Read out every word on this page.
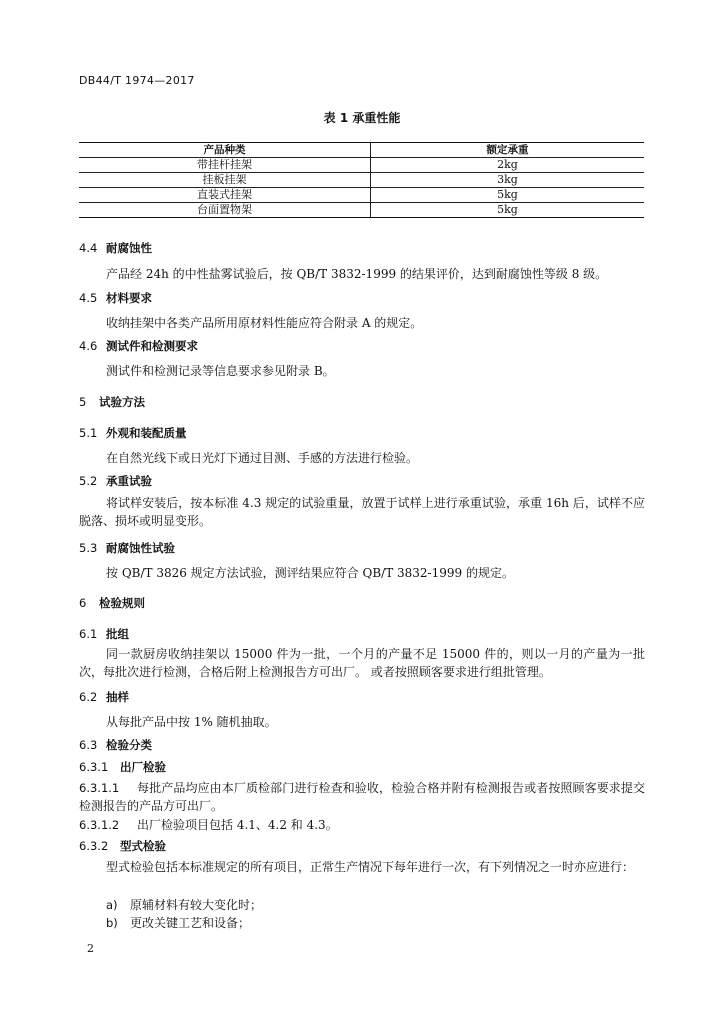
DB44/T 1974—2017
表 1 承重性能
产品种类	额定承重
带挂杆挂架	2kg
挂板挂架	3kg
直装式挂架	5kg
台面置物架	5kg
4.4 耐腐蚀性
产品经 24h 的中性盐雾试验后，按 QB/T 3832-1999 的结果评价，达到耐腐蚀性等级 8 级。
4.5 材料要求
收纳挂架中各类产品所用原材料性能应符合附录 A 的规定。
4.6 测试件和检测要求
测试件和检测记录等信息要求参见附录 B。
5 试验方法
5.1 外观和装配质量
在自然光线下或日光灯下通过目测、手感的方法进行检验。
5.2 承重试验
将试样安装后，按本标准 4.3 规定的试验重量，放置于试样上进行承重试验，承重 16h 后，试样不应脱落、损坏或明显变形。
5.3 耐腐蚀性试验
按 QB/T 3826 规定方法试验，测评结果应符合 QB/T 3832-1999 的规定。
6 检验规则
6.1 批组
同一款厨房收纳挂架以 15000 件为一批，一个月的产量不足 15000 件的，则以一月的产量为一批次，每批次进行检测，合格后附上检测报告方可出厂。 或者按照顾客要求进行组批管理。
6.2 抽样
从每批产品中按 1% 随机抽取。
6.3 检验分类
6.3.1 出厂检验
6.3.1.1 每批产品均应由本厂质检部门进行检查和验收，检验合格并附有检测报告或者按照顾客要求提交检测报告的产品方可出厂。
6.3.1.2 出厂检验项目包括 4.1、4.2 和 4.3。
6.3.2 型式检验
型式检验包括本标准规定的所有项目，正常生产情况下每年进行一次，有下列情况之一时亦应进行：
a) 原辅材料有较大变化时；
b) 更改关键工艺和设备；
2
